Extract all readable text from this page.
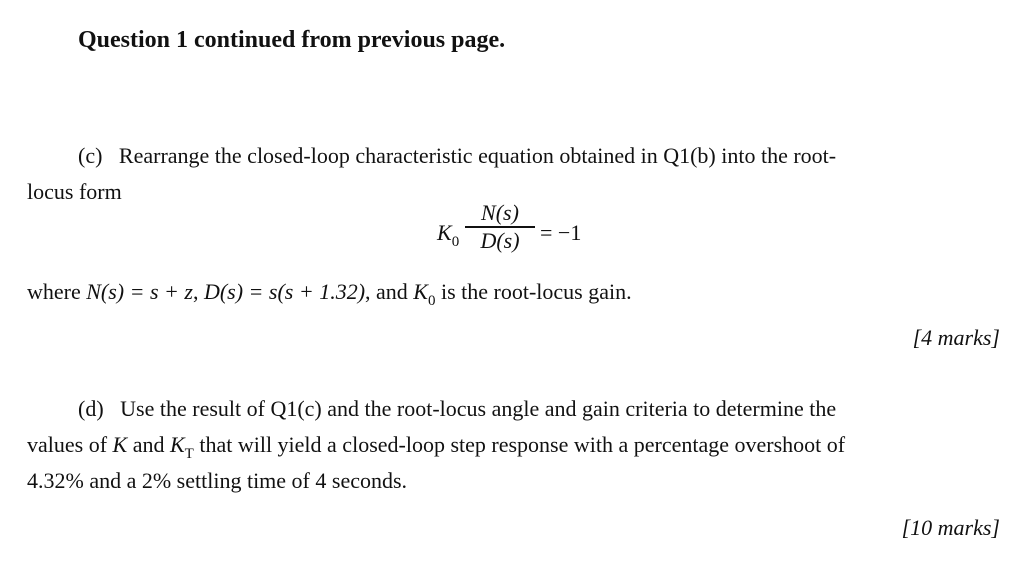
Question 1 continued from previous page.
(c) Rearrange the closed-loop characteristic equation obtained in Q1(b) into the root-
locus form
$K_0$
N(s)
D(s) = −1
where N(s) = s + z, D(s) = s(s + 1.32), and $K_0$ is the root-locus gain.
[4 marks]
(d) Use the result of Q1(c) and the root-locus angle and gain criteria to determine the
values of K and $K_T$ that will yield a closed-loop step response with a percentage overshoot of
4.32% and a 2% settling time of 4 seconds.
[10 marks]
